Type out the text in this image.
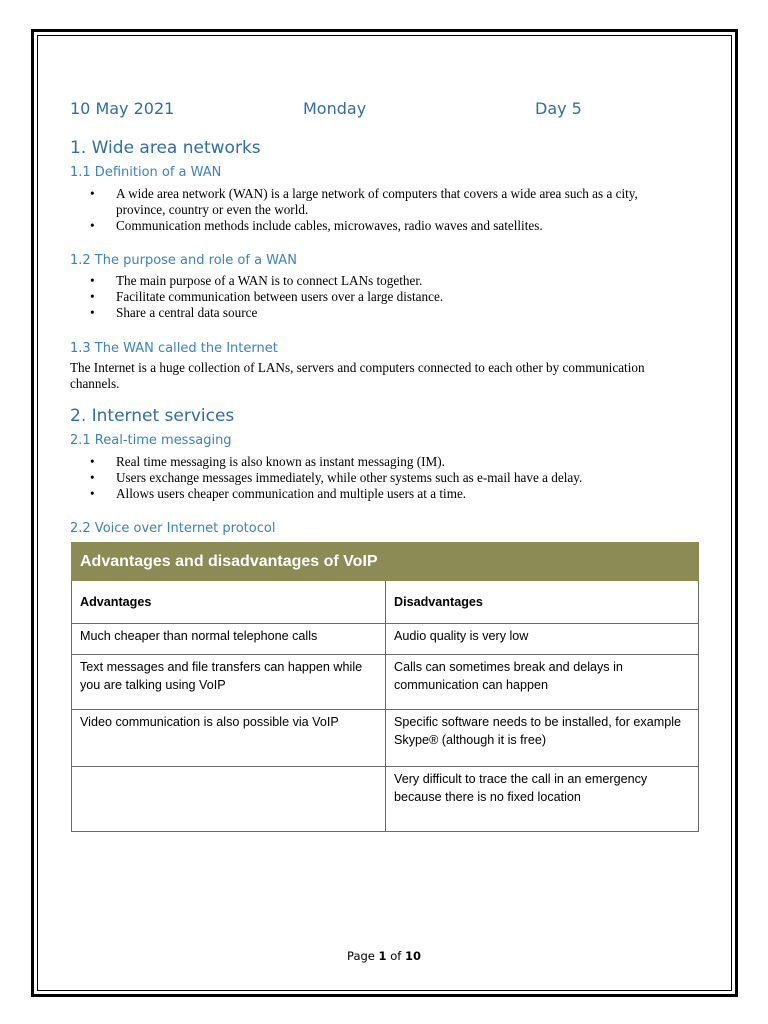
10 May 2021	Monday	Day 5
1. Wide area networks
1.1 Definition of a WAN
• A wide area network (WAN) is a large network of computers that covers a wide area such as a city, province, country or even the world.
• Communication methods include cables, microwaves, radio waves and satellites.
1.2 The purpose and role of a WAN
• The main purpose of a WAN is to connect LANs together.
• Facilitate communication between users over a large distance.
• Share a central data source
1.3 The WAN called the Internet
The Internet is a huge collection of LANs, servers and computers connected to each other by communication channels.
2. Internet services
2.1 Real-time messaging
• Real time messaging is also known as instant messaging (IM).
• Users exchange messages immediately, while other systems such as e-mail have a delay.
• Allows users cheaper communication and multiple users at a time.
2.2 Voice over Internet protocol
Advantages and disadvantages of VoIP	
Advantages	Disadvantages
Much cheaper than normal telephone calls	Audio quality is very low
Text messages and file transfers can happen while you are talking using VoIP	Calls can sometimes break and delays in communication can happen
Video communication is also possible via VoIP	Specific software needs to be installed, for example Skype® (although it is free)
	Very difficult to trace the call in an emergency because there is no fixed location
Page 1 of 10
